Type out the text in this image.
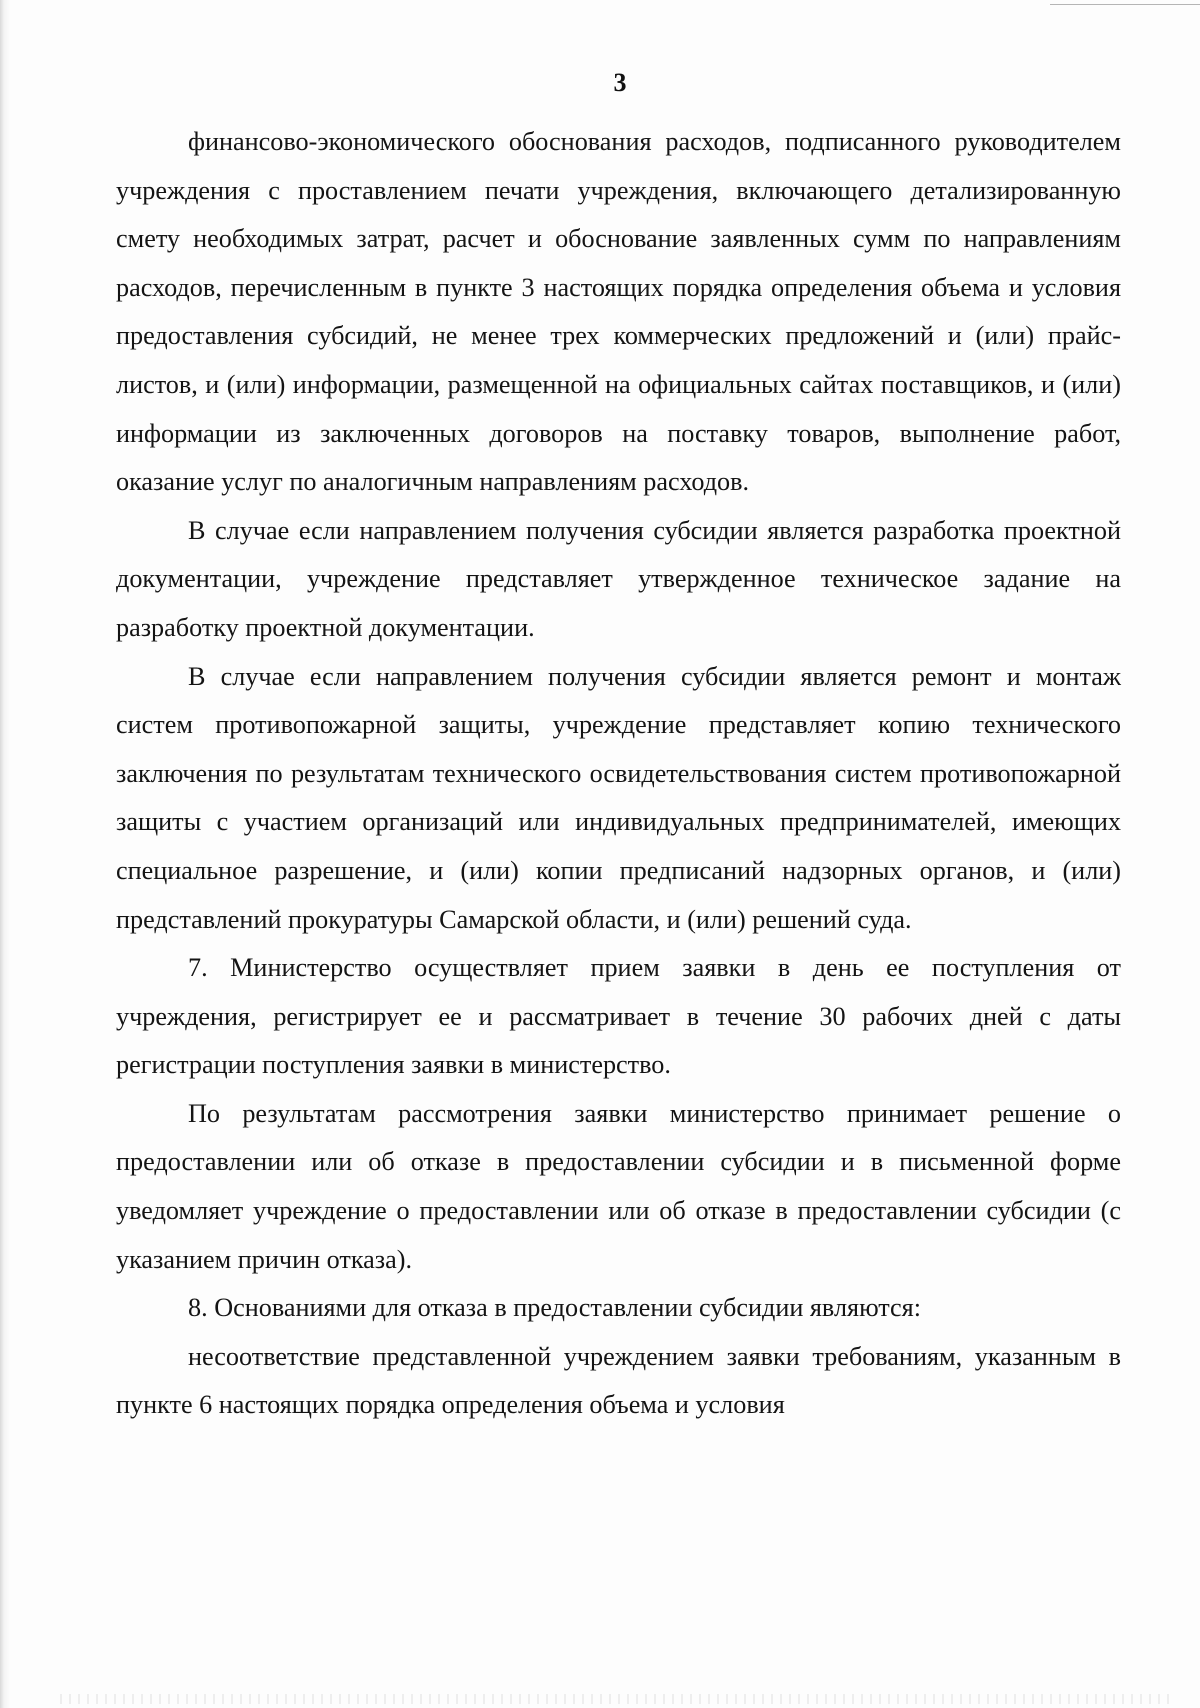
3

финансово-экономического обоснования расходов, подписанного руководителем учреждения с проставлением печати учреждения, включающего детализированную смету необходимых затрат, расчет и обоснование заявленных сумм по направлениям расходов, перечисленным в пункте 3 настоящих порядка определения объема и условия предоставления субсидий, не менее трех коммерческих предложений и (или) прайс-листов, и (или) информации, размещенной на официальных сайтах поставщиков, и (или) информации из заключенных договоров на поставку товаров, выполнение работ, оказание услуг по аналогичным направлениям расходов.

В случае если направлением получения субсидии является разработка проектной документации, учреждение представляет утвержденное техническое задание на разработку проектной документации.

В случае если направлением получения субсидии является ремонт и монтаж систем противопожарной защиты, учреждение представляет копию технического заключения по результатам технического освидетельствования систем противопожарной защиты с участием организаций или индивидуальных предпринимателей, имеющих специальное разрешение, и (или) копии предписаний надзорных органов, и (или) представлений прокуратуры Самарской области, и (или) решений суда.

7. Министерство осуществляет прием заявки в день ее поступления от учреждения, регистрирует ее и рассматривает в течение 30 рабочих дней с даты регистрации поступления заявки в министерство.

По результатам рассмотрения заявки министерство принимает решение о предоставлении или об отказе в предоставлении субсидии и в письменной форме уведомляет учреждение о предоставлении или об отказе в предоставлении субсидии (с указанием причин отказа).

8. Основаниями для отказа в предоставлении субсидии являются:

несоответствие представленной учреждением заявки требованиям, указанным в пункте 6 настоящих порядка определения объема и условия
